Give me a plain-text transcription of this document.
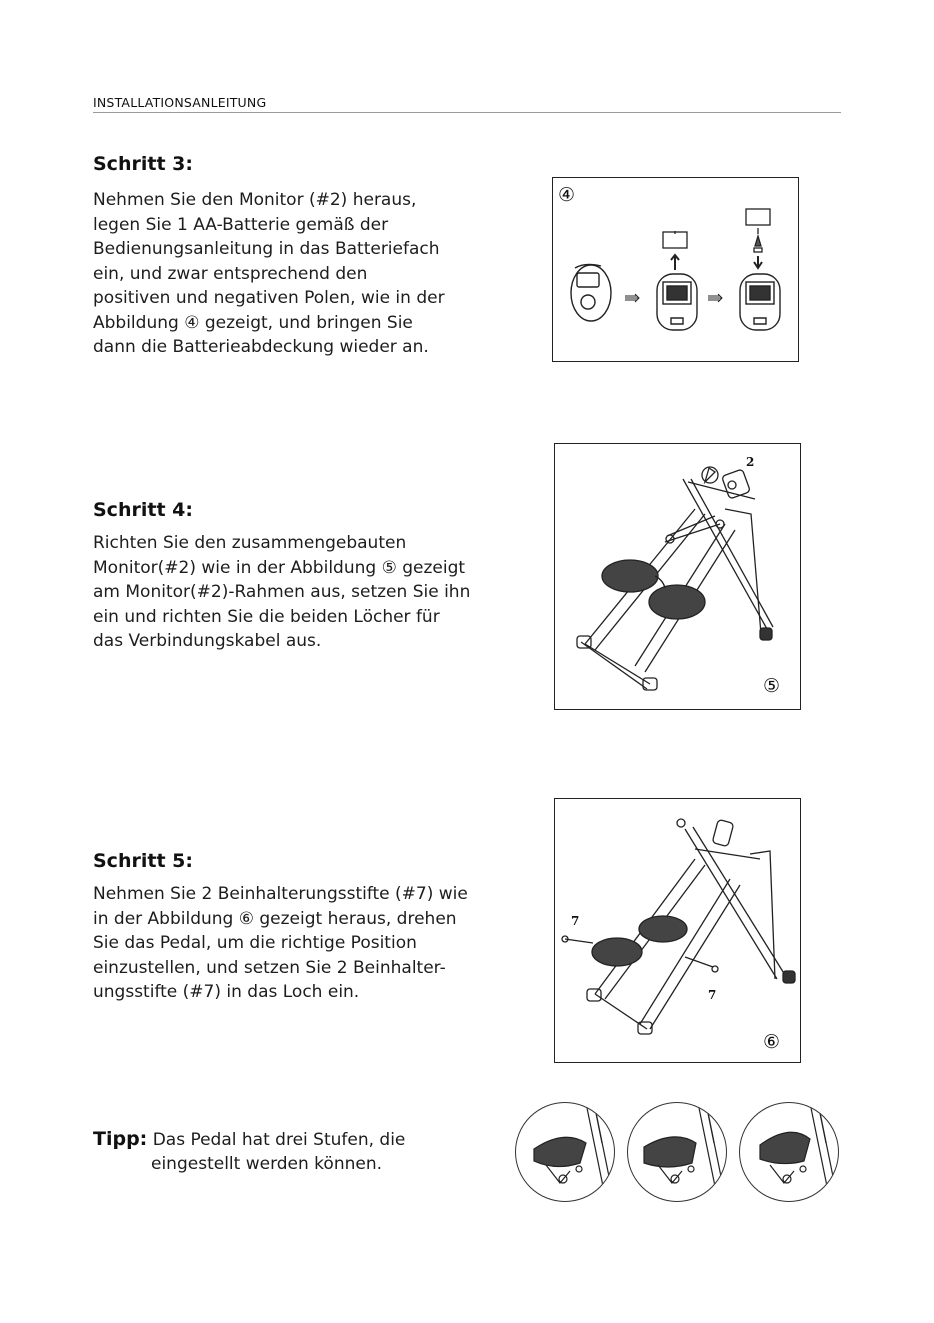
INSTALLATIONSANLEITUNG
Schritt 3:
Nehmen Sie den Monitor (#2) heraus,
legen Sie 1 AA-Batterie gemäß der
Bedienungsanleitung in das Batteriefach
ein, und zwar entsprechend den
positiven und negativen Polen, wie in der
Abbildung ④ gezeigt, und bringen Sie
dann die Batterieabdeckung wieder an.
④
Schritt 4:
Richten Sie den zusammengebauten
Monitor(#2) wie in der Abbildung ⑤ gezeigt
am Monitor(#2)-Rahmen aus, setzen Sie ihn
ein und richten Sie die beiden Löcher für
das Verbindungskabel aus.
2
⑤
Schritt 5:
Nehmen Sie 2 Beinhalterungsstifte (#7) wie
in der Abbildung ⑥ gezeigt heraus, drehen
Sie das Pedal, um die richtige Position
einzustellen, und setzen Sie 2 Beinhalter-
ungsstifte (#7) in das Loch ein.
7
7
⑥
Tipp: Das Pedal hat drei Stufen, die
eingestellt werden können.
